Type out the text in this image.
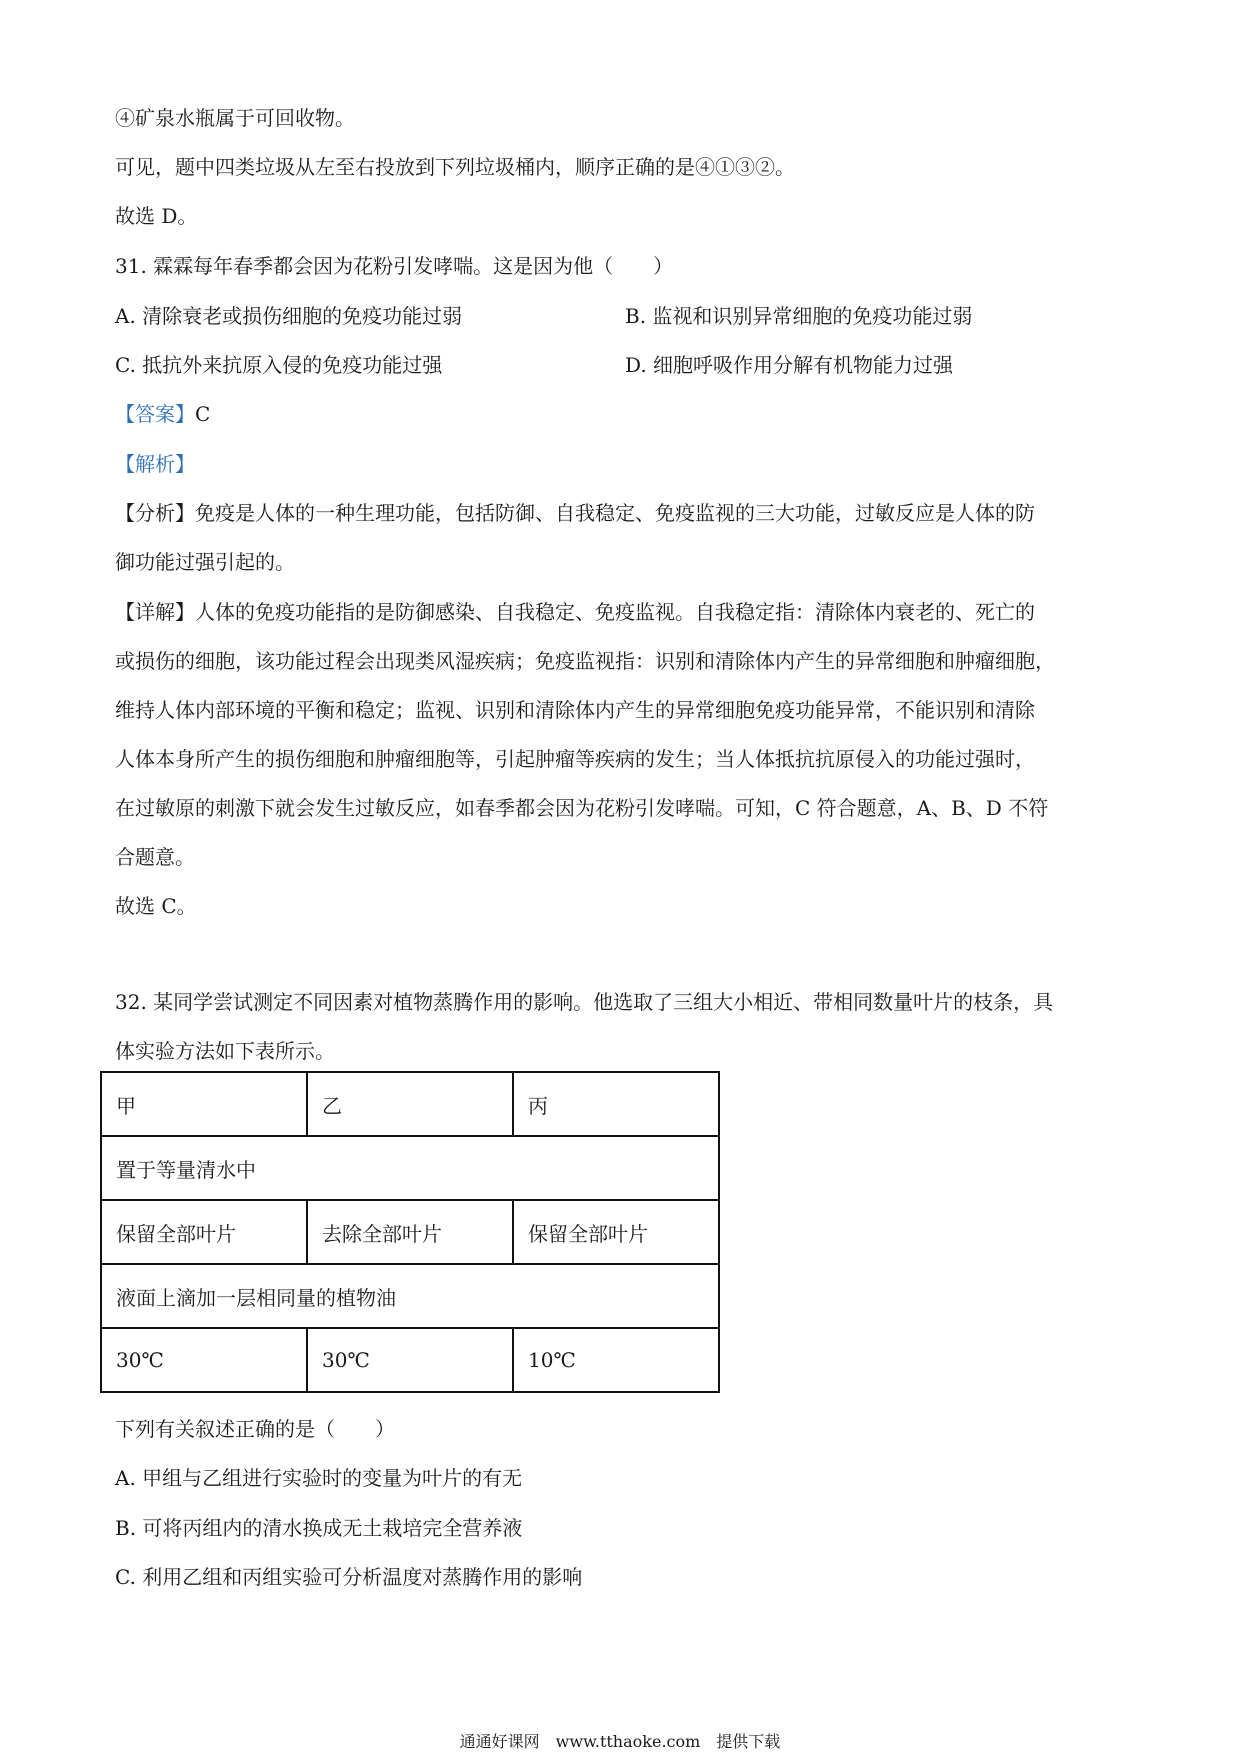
④矿泉水瓶属于可回收物。
可见，题中四类垃圾从左至右投放到下列垃圾桶内，顺序正确的是④①③②。
故选 D。
31. 霖霖每年春季都会因为花粉引发哮喘。这是因为他（　　）
A. 清除衰老或损伤细胞的免疫功能过弱	B. 监视和识别异常细胞的免疫功能过弱
C. 抵抗外来抗原入侵的免疫功能过强	D. 细胞呼吸作用分解有机物能力过强
【答案】C
【解析】
【分析】免疫是人体的一种生理功能，包括防御、自我稳定、免疫监视的三大功能，过敏反应是人体的防
御功能过强引起的。
【详解】人体的免疫功能指的是防御感染、自我稳定、免疫监视。自我稳定指：清除体内衰老的、死亡的
或损伤的细胞，该功能过程会出现类风湿疾病；免疫监视指：识别和清除体内产生的异常细胞和肿瘤细胞，
维持人体内部环境的平衡和稳定；监视、识别和清除体内产生的异常细胞免疫功能异常，不能识别和清除
人体本身所产生的损伤细胞和肿瘤细胞等，引起肿瘤等疾病的发生；当人体抵抗抗原侵入的功能过强时，
在过敏原的刺激下就会发生过敏反应，如春季都会因为花粉引发哮喘。可知，C 符合题意，A、B、D 不符
合题意。
故选 C。
32. 某同学尝试测定不同因素对植物蒸腾作用的影响。他选取了三组大小相近、带相同数量叶片的枝条，具
体实验方法如下表所示。
甲	乙	丙
置于等量清水中		
保留全部叶片	去除全部叶片	保留全部叶片
液面上滴加一层相同量的植物油		
30℃	30℃	10℃
下列有关叙述正确的是（　　）
A. 甲组与乙组进行实验时的变量为叶片的有无
B. 可将丙组内的清水换成无土栽培完全营养液
C. 利用乙组和丙组实验可分析温度对蒸腾作用的影响
通通好课网　www.tthaoke.com　提供下载
